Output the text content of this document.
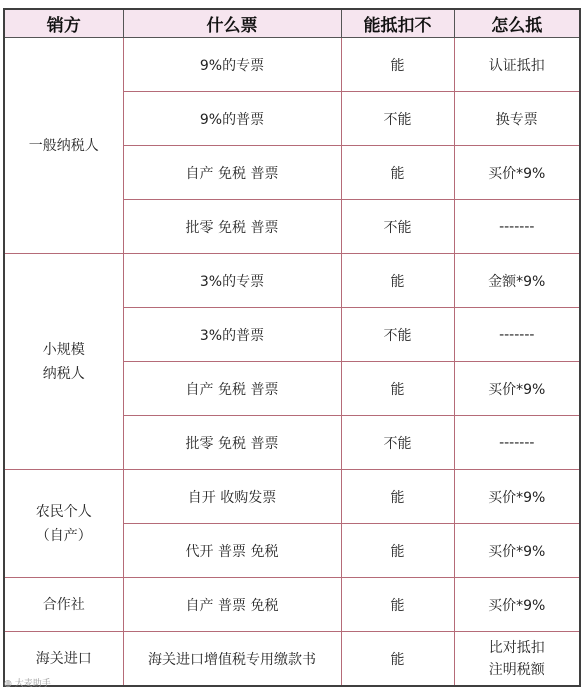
销方	什么票	能抵扣不	怎么抵
一般纳税人	9%的专票	能	认证抵扣
	9%的普票	不能	换专票
	自产 免税 普票	能	买价*9%
	批零 免税 普票	不能	-------
小规模
纳税人	3%的专票	能	金额*9%
	3%的普票	不能	-------
	自产 免税 普票	能	买价*9%
	批零 免税 普票	不能	-------
农民个人
（自产）	自开 收购发票	能	买价*9%
	代开 普票 免税	能	买价*9%
合作社	自产 普票 免税	能	买价*9%
海关进口	海关进口增值税专用缴款书	能	比对抵扣
注明税额
◍ 大麦助手
